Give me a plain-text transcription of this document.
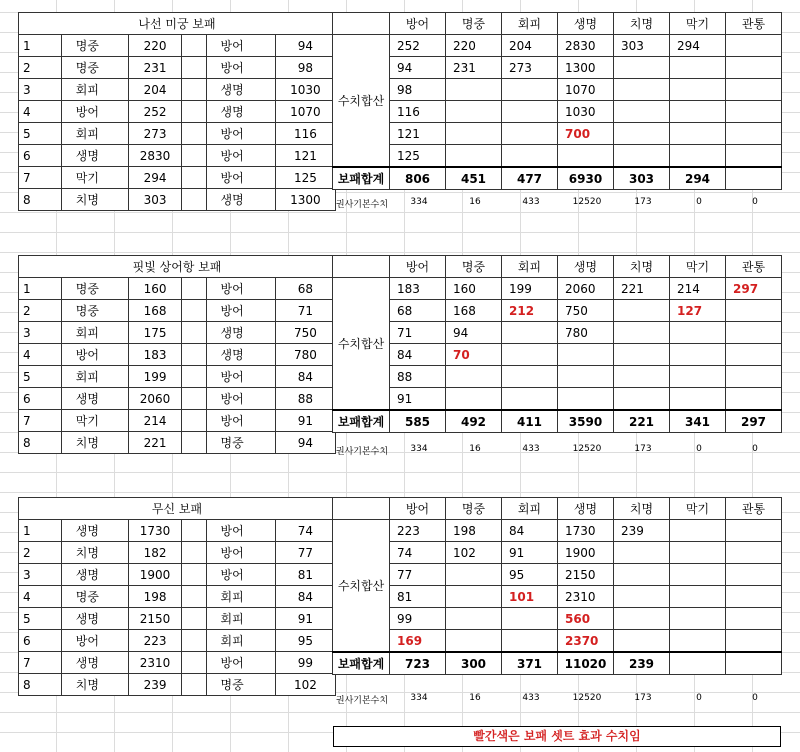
나선 미궁 보패					
1	명중	220		방어	94
2	명중	231		방어	98
3	회피	204		생명	1030
4	방어	252		생명	1070
5	회피	273		방어	116
6	생명	2830		방어	121
7	막기	294		방어	125
8	치명	303		생명	1300
	방어	명중	회피	생명	치명	막기	관통
수치합산	252	220	204	2830	303	294	
	94	231	273	1300			
	98			1070			
	116			1030			
	121			700			
	125						
보패합계	806	451	477	6930	303	294	
권사기본수치	334	16	433	12520	173	0	0
핏빛 상어항 보패					
1	명중	160		방어	68
2	명중	168		방어	71
3	회피	175		생명	750
4	방어	183		생명	780
5	회피	199		방어	84
6	생명	2060		방어	88
7	막기	214		방어	91
8	치명	221		명중	94
	방어	명중	회피	생명	치명	막기	관통
수치합산	183	160	199	2060	221	214	297
	68	168	212	750		127	
	71	94		780			
	84	70					
	88						
	91						
보패합계	585	492	411	3590	221	341	297
권사기본수치	334	16	433	12520	173	0	0
무신 보패					
1	생명	1730		방어	74
2	치명	182		방어	77
3	생명	1900		방어	81
4	명중	198		회피	84
5	생명	2150		회피	91
6	방어	223		회피	95
7	생명	2310		방어	99
8	치명	239		명중	102
	방어	명중	회피	생명	치명	막기	관통
수치합산	223	198	84	1730	239		
	74	102	91	1900			
	77		95	2150			
	81		101	2310			
	99			560			
	169			2370			
보패합계	723	300	371	11020	239		
권사기본수치	334	16	433	12520	173	0	0
빨간색은 보패 셋트 효과 수치임
